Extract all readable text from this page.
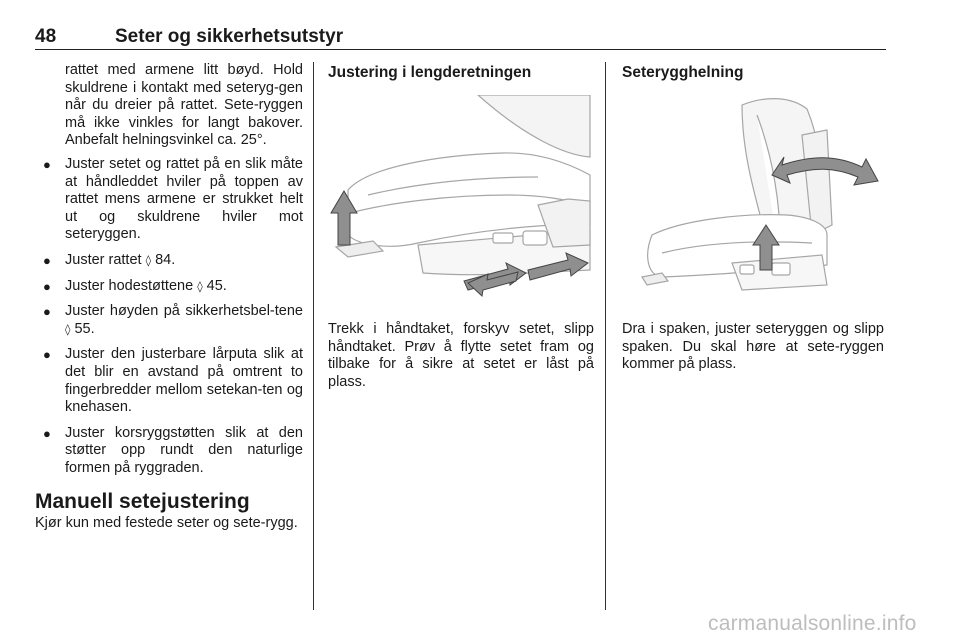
48	Seter og sikkerhetsutstyr

rattet med armene litt bøyd. Hold skuldrene i kontakt med seteryg-gen når du dreier på rattet. Sete-ryggen må ikke vinkles for langt bakover. Anbefalt helningsvinkel ca. 25°.

● Juster setet og rattet på en slik måte at håndleddet hviler på toppen av rattet mens armene er strukket helt ut og skuldrene hviler mot seteryggen.
● Juster rattet ◊ 84.
● Juster hodestøttene ◊ 45.
● Juster høyden på sikkerhetsbel-tene ◊ 55.
● Juster den justerbare lårputa slik at det blir en avstand på omtrent to fingerbredder mellom setekan-ten og knehasen.
● Juster korsryggstøtten slik at den støtter opp rundt den naturlige formen på ryggraden.
Manuell setejustering

Kjør kun med festede seter og sete-rygg.

Justering i lengderetningen
Trekk i håndtaket, forskyv setet, slipp håndtaket. Prøv å flytte setet fram og tilbake for å sikre at setet er låst på plass.
Seterygghelning
Dra i spaken, juster seteryggen og slipp spaken. Du skal høre at sete-ryggen kommer på plass.
carmanualsonline.info
